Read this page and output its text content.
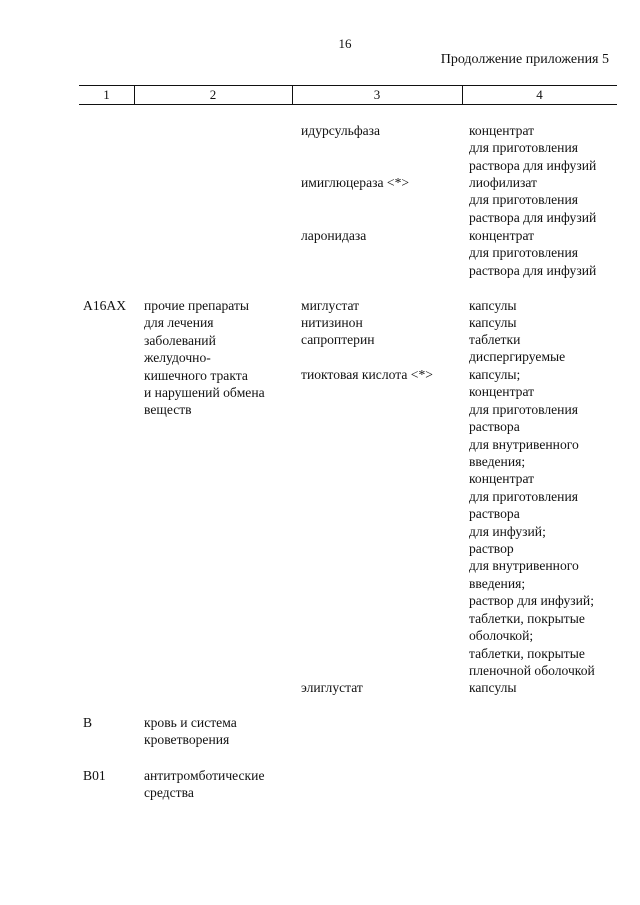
16
Продолжение приложения 5
1	2	3	4
идурсульфаза	концентрат
для приготовления
раствора для инфузий
имиглюцераза <*>	лиофилизат
для приготовления
раствора для инфузий
ларонидаза	концентрат
для приготовления
раствора для инфузий
A16AX прочие препараты
для лечения
заболеваний
желудочно-
кишечного тракта
и нарушений обмена
веществ
миглустат	капсулы
нитизинон	капсулы
сапроптерин	таблетки
диспергируемые
тиоктовая кислота <*>	капсулы;
концентрат
для приготовления
раствора
для внутривенного
введения;
концентрат
для приготовления
раствора
для инфузий;
раствор
для внутривенного
введения;
раствор для инфузий;
таблетки, покрытые
оболочкой;
таблетки, покрытые
пленочной оболочкой
элиглустат	капсулы
B	кровь и система
кроветворения
B01	антитромботические
средства
